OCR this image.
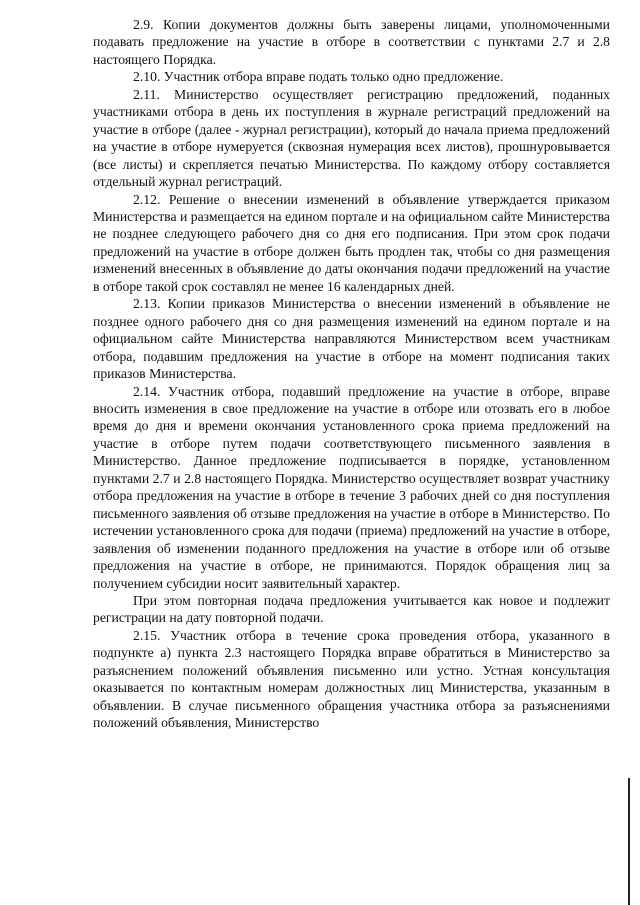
2.9. Копии документов должны быть заверены лицами, уполномоченными подавать предложение на участие в отборе в соответствии с пунктами 2.7 и 2.8 настоящего Порядка.

2.10. Участник отбора вправе подать только одно предложение.

2.11. Министерство осуществляет регистрацию предложений, поданных участниками отбора в день их поступления в журнале регистраций предложений на участие в отборе (далее - журнал регистрации), который до начала приема предложений на участие в отборе нумеруется (сквозная нумерация всех листов), прошнуровывается (все листы) и скрепляется печатью Министерства. По каждому отбору составляется отдельный журнал регистраций.

2.12. Решение о внесении изменений в объявление утверждается приказом Министерства и размещается на едином портале и на официальном сайте Министерства не позднее следующего рабочего дня со дня его подписания. При этом срок подачи предложений на участие в отборе должен быть продлен так, чтобы со дня размещения изменений внесенных в объявление до даты окончания подачи предложений на участие в отборе такой срок составлял не менее 16 календарных дней.

2.13. Копии приказов Министерства о внесении изменений в объявление не позднее одного рабочего дня со дня размещения изменений на едином портале и на официальном сайте Министерства направляются Министерством всем участникам отбора, подавшим предложения на участие в отборе на момент подписания таких приказов Министерства.

2.14. Участник отбора, подавший предложение на участие в отборе, вправе вносить изменения в свое предложение на участие в отборе или отозвать его в любое время до дня и времени окончания установленного срока приема предложений на участие в отборе путем подачи соответствующего письменного заявления в Министерство. Данное предложение подписывается в порядке, установленном пунктами 2.7 и 2.8 настоящего Порядка. Министерство осуществляет возврат участнику отбора предложения на участие в отборе в течение 3 рабочих дней со дня поступления письменного заявления об отзыве предложения на участие в отборе в Министерство. По истечении установленного срока для подачи (приема) предложений на участие в отборе, заявления об изменении поданного предложения на участие в отборе или об отзыве предложения на участие в отборе, не принимаются. Порядок обращения лиц за получением субсидии носит заявительный характер.

При этом повторная подача предложения учитывается как новое и подлежит регистрации на дату повторной подачи.

2.15. Участник отбора в течение срока проведения отбора, указанного в подпункте а) пункта 2.3 настоящего Порядка вправе обратиться в Министерство за разъяснением положений объявления письменно или устно. Устная консультация оказывается по контактным номерам должностных лиц Министерства, указанным в объявлении. В случае письменного обращения участника отбора за разъяснениями положений объявления, Министерство
